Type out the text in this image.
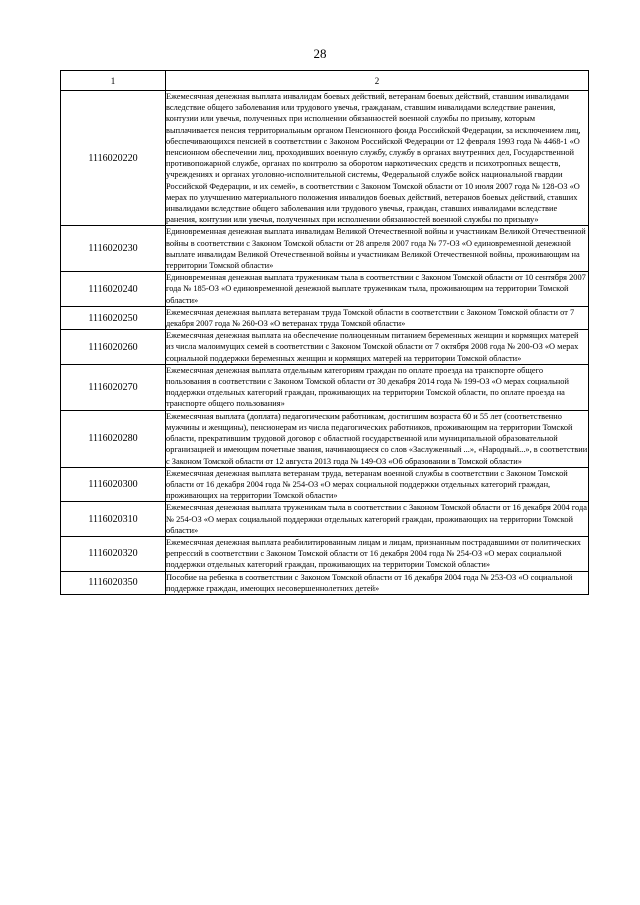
28
1	2
1116020220	Ежемесячная денежная выплата инвалидам боевых действий, ветеранам боевых действий, ставшим инвалидами вследствие общего заболевания или трудового увечья, гражданам, ставшим инвалидами вследствие ранения, контузии или увечья, полученных при исполнении обязанностей военной службы по призыву, которым выплачивается пенсия территориальным органом Пенсионного фонда Российской Федерации, за исключением лиц, обеспечивающихся пенсией в соответствии с Законом Российской Федерации от 12 февраля 1993 года № 4468-1 «О пенсионном обеспечении лиц, проходивших военную службу, службу в органах внутренних дел, Государственной противопожарной службе, органах по контролю за оборотом наркотических средств и психотропных веществ, учреждениях и органах уголовно-исполнительной системы, Федеральной службе войск национальной гвардии Российской Федерации, и их семей», в соответствии с Законом Томской области от 10 июля 2007 года № 128-ОЗ «О мерах по улучшению материального положения инвалидов боевых действий, ветеранов боевых действий, ставших инвалидами вследствие общего заболевания или трудового увечья, граждан, ставших инвалидами вследствие ранения, контузии или увечья, полученных при исполнении обязанностей военной службы по призыву»
1116020230	Единовременная денежная выплата инвалидам Великой Отечественной войны и участникам Великой Отечественной войны в соответствии с Законом Томской области от 28 апреля 2007 года № 77-ОЗ «О единовременной денежной выплате инвалидам Великой Отечественной войны и участникам Великой Отечественной войны, проживающим на территории Томской области»
1116020240	Единовременная денежная выплата труженикам тыла в соответствии с Законом Томской области от 10 сентября 2007 года № 185-ОЗ «О единовременной денежной выплате труженикам тыла, проживающим на территории Томской области»
1116020250	Ежемесячная денежная выплата ветеранам труда Томской области в соответствии с Законом Томской области от 7 декабря 2007 года № 260-ОЗ «О ветеранах труда Томской области»
1116020260	Ежемесячная денежная выплата на обеспечение полноценным питанием беременных женщин и кормящих матерей из числа малоимущих семей в соответствии с Законом Томской области от 7 октября 2008 года № 200-ОЗ «О мерах социальной поддержки беременных женщин и кормящих матерей на территории Томской области»
1116020270	Ежемесячная денежная выплата отдельным категориям граждан по оплате проезда на транспорте общего пользования в соответствии с Законом Томской области от 30 декабря 2014 года № 199-ОЗ «О мерах социальной поддержки отдельных категорий граждан, проживающих на территории Томской области, по оплате проезда на транспорте общего пользования»
1116020280	Ежемесячная выплата (доплата) педагогическим работникам, достигшим возраста 60 и 55 лет (соответственно мужчины и женщины), пенсионерам из числа педагогических работников, проживающим на территории Томской области, прекратившим трудовой договор с областной государственной или муниципальной образовательной организацией и имеющим почетные звания, начинающиеся со слов «Заслуженный ...», «Народный...», в соответствии с Законом Томской области от 12 августа 2013 года № 149-ОЗ «Об образовании в Томской области»
1116020300	Ежемесячная денежная выплата ветеранам труда, ветеранам военной службы в соответствии с Законом Томской области от 16 декабря 2004 года № 254-ОЗ «О мерах социальной поддержки отдельных категорий граждан, проживающих на территории Томской области»
1116020310	Ежемесячная денежная выплата труженикам тыла в соответствии с Законом Томской области от 16 декабря 2004 года № 254-ОЗ «О мерах социальной поддержки отдельных категорий граждан, проживающих на территории Томской области»
1116020320	Ежемесячная денежная выплата реабилитированным лицам и лицам, признанным пострадавшими от политических репрессий в соответствии с Законом Томской области от 16 декабря 2004 года № 254-ОЗ «О мерах социальной поддержки отдельных категорий граждан, проживающих на территории Томской области»
1116020350	Пособие на ребенка в соответствии с Законом Томской области от 16 декабря 2004 года № 253-ОЗ «О социальной поддержке граждан, имеющих несовершеннолетних детей»
